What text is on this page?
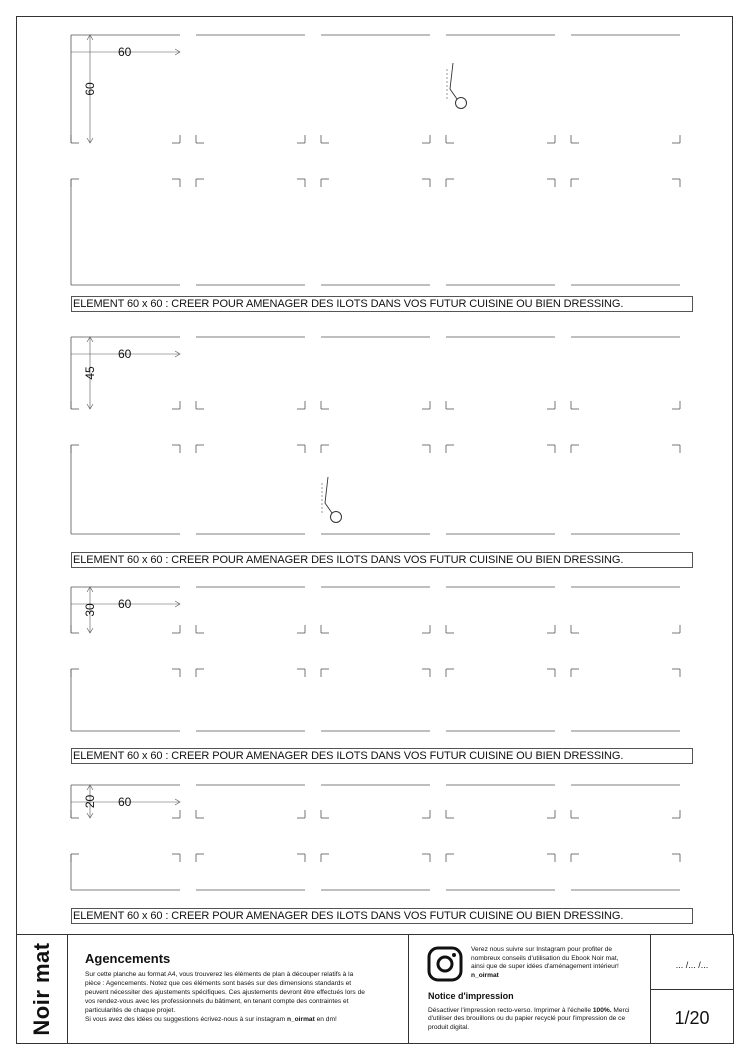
60
60
60
45
60
30
60
20
ELEMENT 60 x 60 : CREER POUR AMENAGER DES ILOTS DANS VOS FUTUR CUISINE OU BIEN DRESSING.
ELEMENT 60 x 60 : CREER POUR AMENAGER DES ILOTS DANS VOS FUTUR CUISINE OU BIEN DRESSING.
ELEMENT 60 x 60 : CREER POUR AMENAGER DES ILOTS DANS VOS FUTUR CUISINE OU BIEN DRESSING.
ELEMENT 60 x 60 : CREER POUR AMENAGER DES ILOTS DANS VOS FUTUR CUISINE OU BIEN DRESSING.
Noir mat Agencements
Sur cette planche au format A4, vous trouverez les éléments de plan à découper relatifs à la pièce : Agencements. Notez que ces éléments sont basés sur des dimensions standards et peuvent nécessiter des ajustements spécifiques. Ces ajustements devront être effectués lors de vos rendez-vous avec les professionnels du bâtiment, en tenant compte des contraintes et particularités de chaque projet.
Si vous avez des idées ou suggestions écrivez-nous à sur instagram n_oirmat en dm!
Verez nous suivre sur Instagram pour profiter de nombreux conseils d'utilisation du Ebook Noir mat, ainsi que de super idées d'aménagement intérieur! n_oirmat
Notice d'impression
Désactiver l'impression recto-verso. Imprimer à l'échelle 100%. Merci d'utiliser des brouillons ou du papier recyclé pour l'impression de ce produit digital.
... /... /...
1/20
